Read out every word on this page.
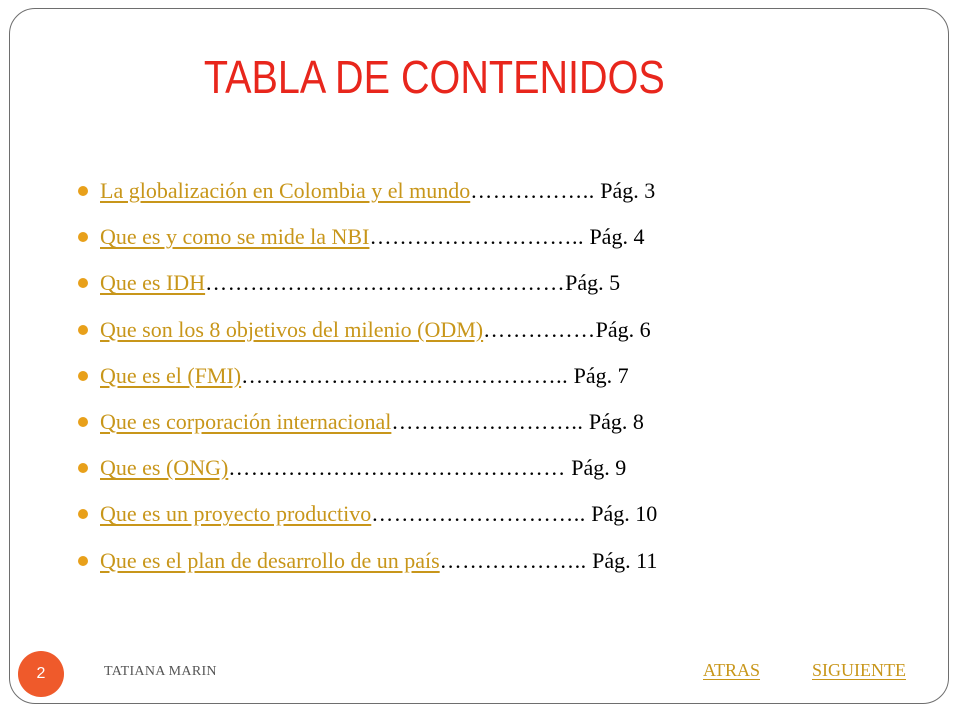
TABLA DE CONTENIDOS
La globalización en Colombia y el mundo…………….. Pág. 3
Que es y como se mide la NBI……………………….. Pág. 4
Que es IDH…………………………………………Pág. 5
Que son los 8 objetivos del milenio (ODM)……………Pág. 6
Que es el (FMI)…………………………………….. Pág. 7
Que es corporación internacional…………………….. Pág. 8
Que es (ONG)……………………………………… Pág. 9
Que es un proyecto productivo……………………….. Pág. 10
Que es el plan de desarrollo de un país……………….. Pág. 11
2	TATIANA MARIN	ATRAS	SIGUIENTE
